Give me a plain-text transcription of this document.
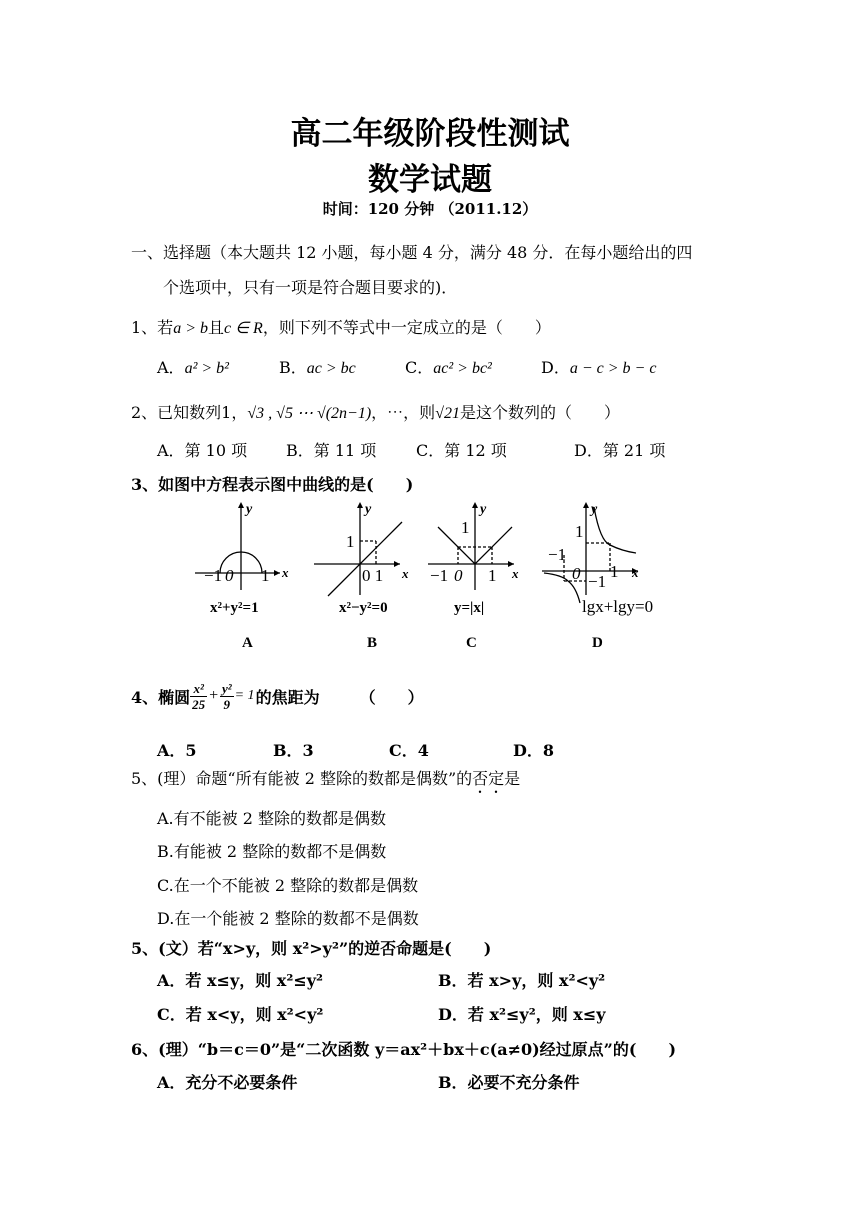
高二年级阶段性测试
数学试题
时间：120 分钟 （2011.12）
一、选择题（本大题共 12 小题，每小题 4 分，满分 48 分．在每小题给出的四
个选项中，只有一项是符合题目要求的)．
1、若a > b且c ∈ R，则下列不等式中一定成立的是（　　）
A．a² > b²	B．ac > bc	C．ac² > bc²	D．a − c > b − c
2、已知数列1，√3 , √5 ⋯ √(2n−1)，⋯，则√21是这个数列的（　　）
A．第 10 项 B．第 11 项 C．第 12 项	D．第 21 项
3、如图中方程表示图中曲线的是(　　)
y
x
−1 0 1
x²+y²=1
A
y
x
1
0 1
x²−y²=0
B
y
x
1
−1 0 1
y=|x|
C
y
x
1
−1
0 −1
1
lgx+lgy=0
D
4、椭圆 $\frac{\text{x²}}{25} + \frac{\text{y²}}{9} = 1$ 的焦距为　　　（　　）
A．5	B．3	C．4	D．8
5、(理）命题“所有能被 2 整除的数都是偶数”的否定是
A.有不能被 2 整除的数都是偶数
B.有能被 2 整除的数都不是偶数
C.在一个不能被 2 整除的数都是偶数
D.在一个能被 2 整除的数都不是偶数
5、(文）若“x>y，则 x²>y²”的逆否命题是(　　)
A．若 x≤y，则 x²≤y²	B．若 x>y，则 x²<y²
C．若 x<y，则 x²<y²	D．若 x²≤y²，则 x≤y
6、(理）“b＝c＝0”是“二次函数 y＝ax²＋bx＋c(a≠0)经过原点”的(　　)
A．充分不必要条件	B．必要不充分条件
